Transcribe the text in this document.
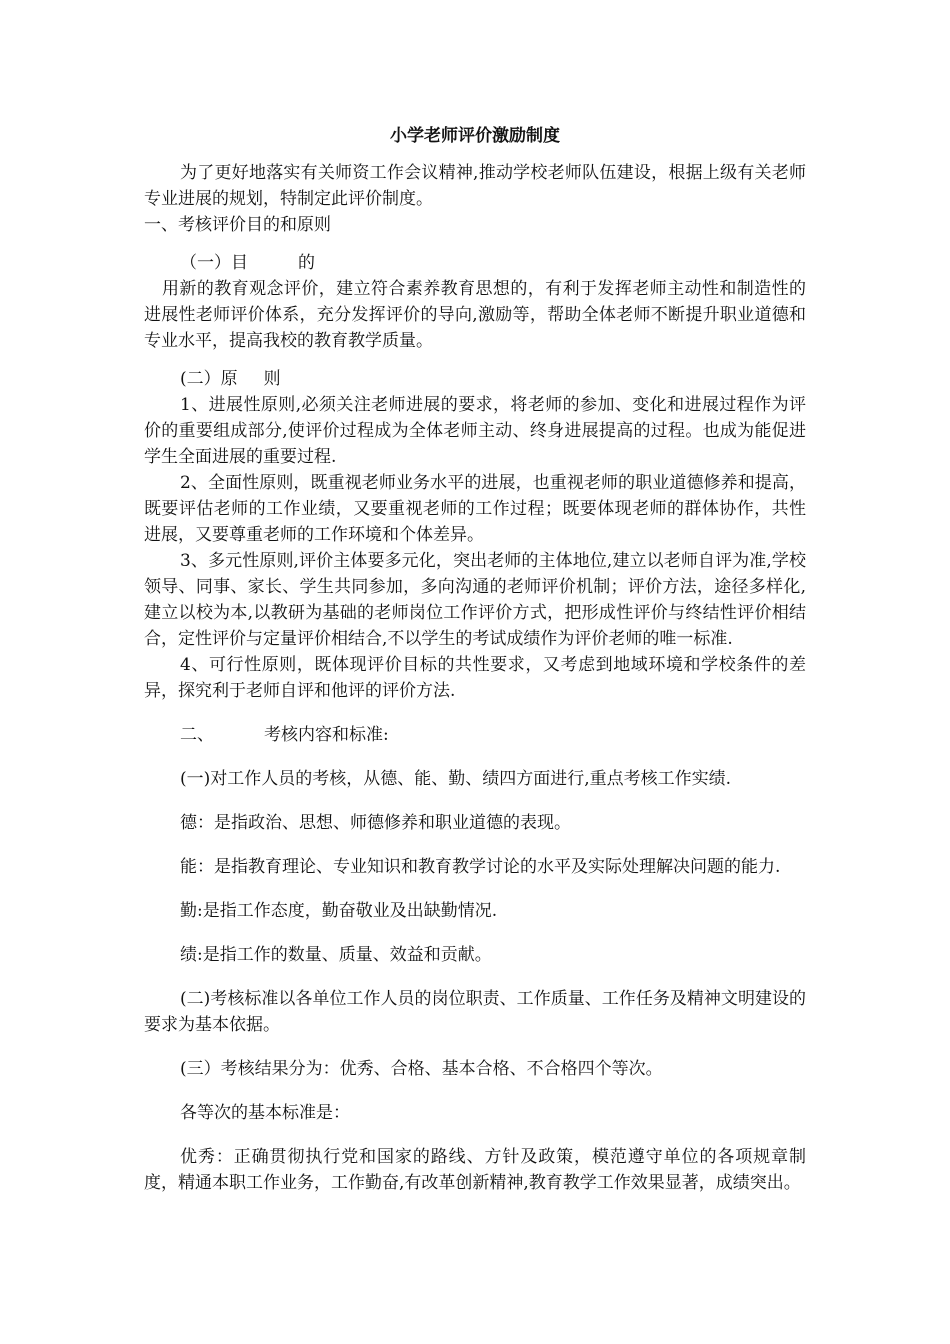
小学老师评价激励制度

为了更好地落实有关师资工作会议精神,推动学校老师队伍建设，根据上级有关老师专业进展的规划，特制定此评价制度。

一、考核评价目的和原则

（一）目	的

用新的教育观念评价，建立符合素养教育思想的，有利于发挥老师主动性和制造性的进展性老师评价体系，充分发挥评价的导向,激励等，帮助全体老师不断提升职业道德和专业水平，提高我校的教育教学质量。

(二）原 则

1、进展性原则,必须关注老师进展的要求，将老师的参加、变化和进展过程作为评价的重要组成部分,使评价过程成为全体老师主动、终身进展提高的过程。也成为能促进学生全面进展的重要过程.

2、全面性原则，既重视老师业务水平的进展，也重视老师的职业道德修养和提高，既要评估老师的工作业绩，又要重视老师的工作过程；既要体现老师的群体协作，共性进展，又要尊重老师的工作环境和个体差异。

3、多元性原则,评价主体要多元化，突出老师的主体地位,建立以老师自评为准,学校领导、同事、家长、学生共同参加，多向沟通的老师评价机制；评价方法，途径多样化,建立以校为本,以教研为基础的老师岗位工作评价方式，把形成性评价与终结性评价相结合，定性评价与定量评价相结合,不以学生的考试成绩作为评价老师的唯一标准.

4、可行性原则，既体现评价目标的共性要求，又考虑到地域环境和学校条件的差异，探究利于老师自评和他评的评价方法.

二、	考核内容和标准:

(一)对工作人员的考核，从德、能、勤、绩四方面进行,重点考核工作实绩.

德：是指政治、思想、师德修养和职业道德的表现。

能：是指教育理论、专业知识和教育教学讨论的水平及实际处理解决问题的能力.

勤:是指工作态度，勤奋敬业及出缺勤情况.

绩:是指工作的数量、质量、效益和贡献。

(二)考核标准以各单位工作人员的岗位职责、工作质量、工作任务及精神文明建设的要求为基本依据。

(三）考核结果分为：优秀、合格、基本合格、不合格四个等次。

各等次的基本标准是：

优秀：正确贯彻执行党和国家的路线、方针及政策，模范遵守单位的各项规章制度，精通本职工作业务，工作勤奋,有改革创新精神,教育教学工作效果显著，成绩突出。
